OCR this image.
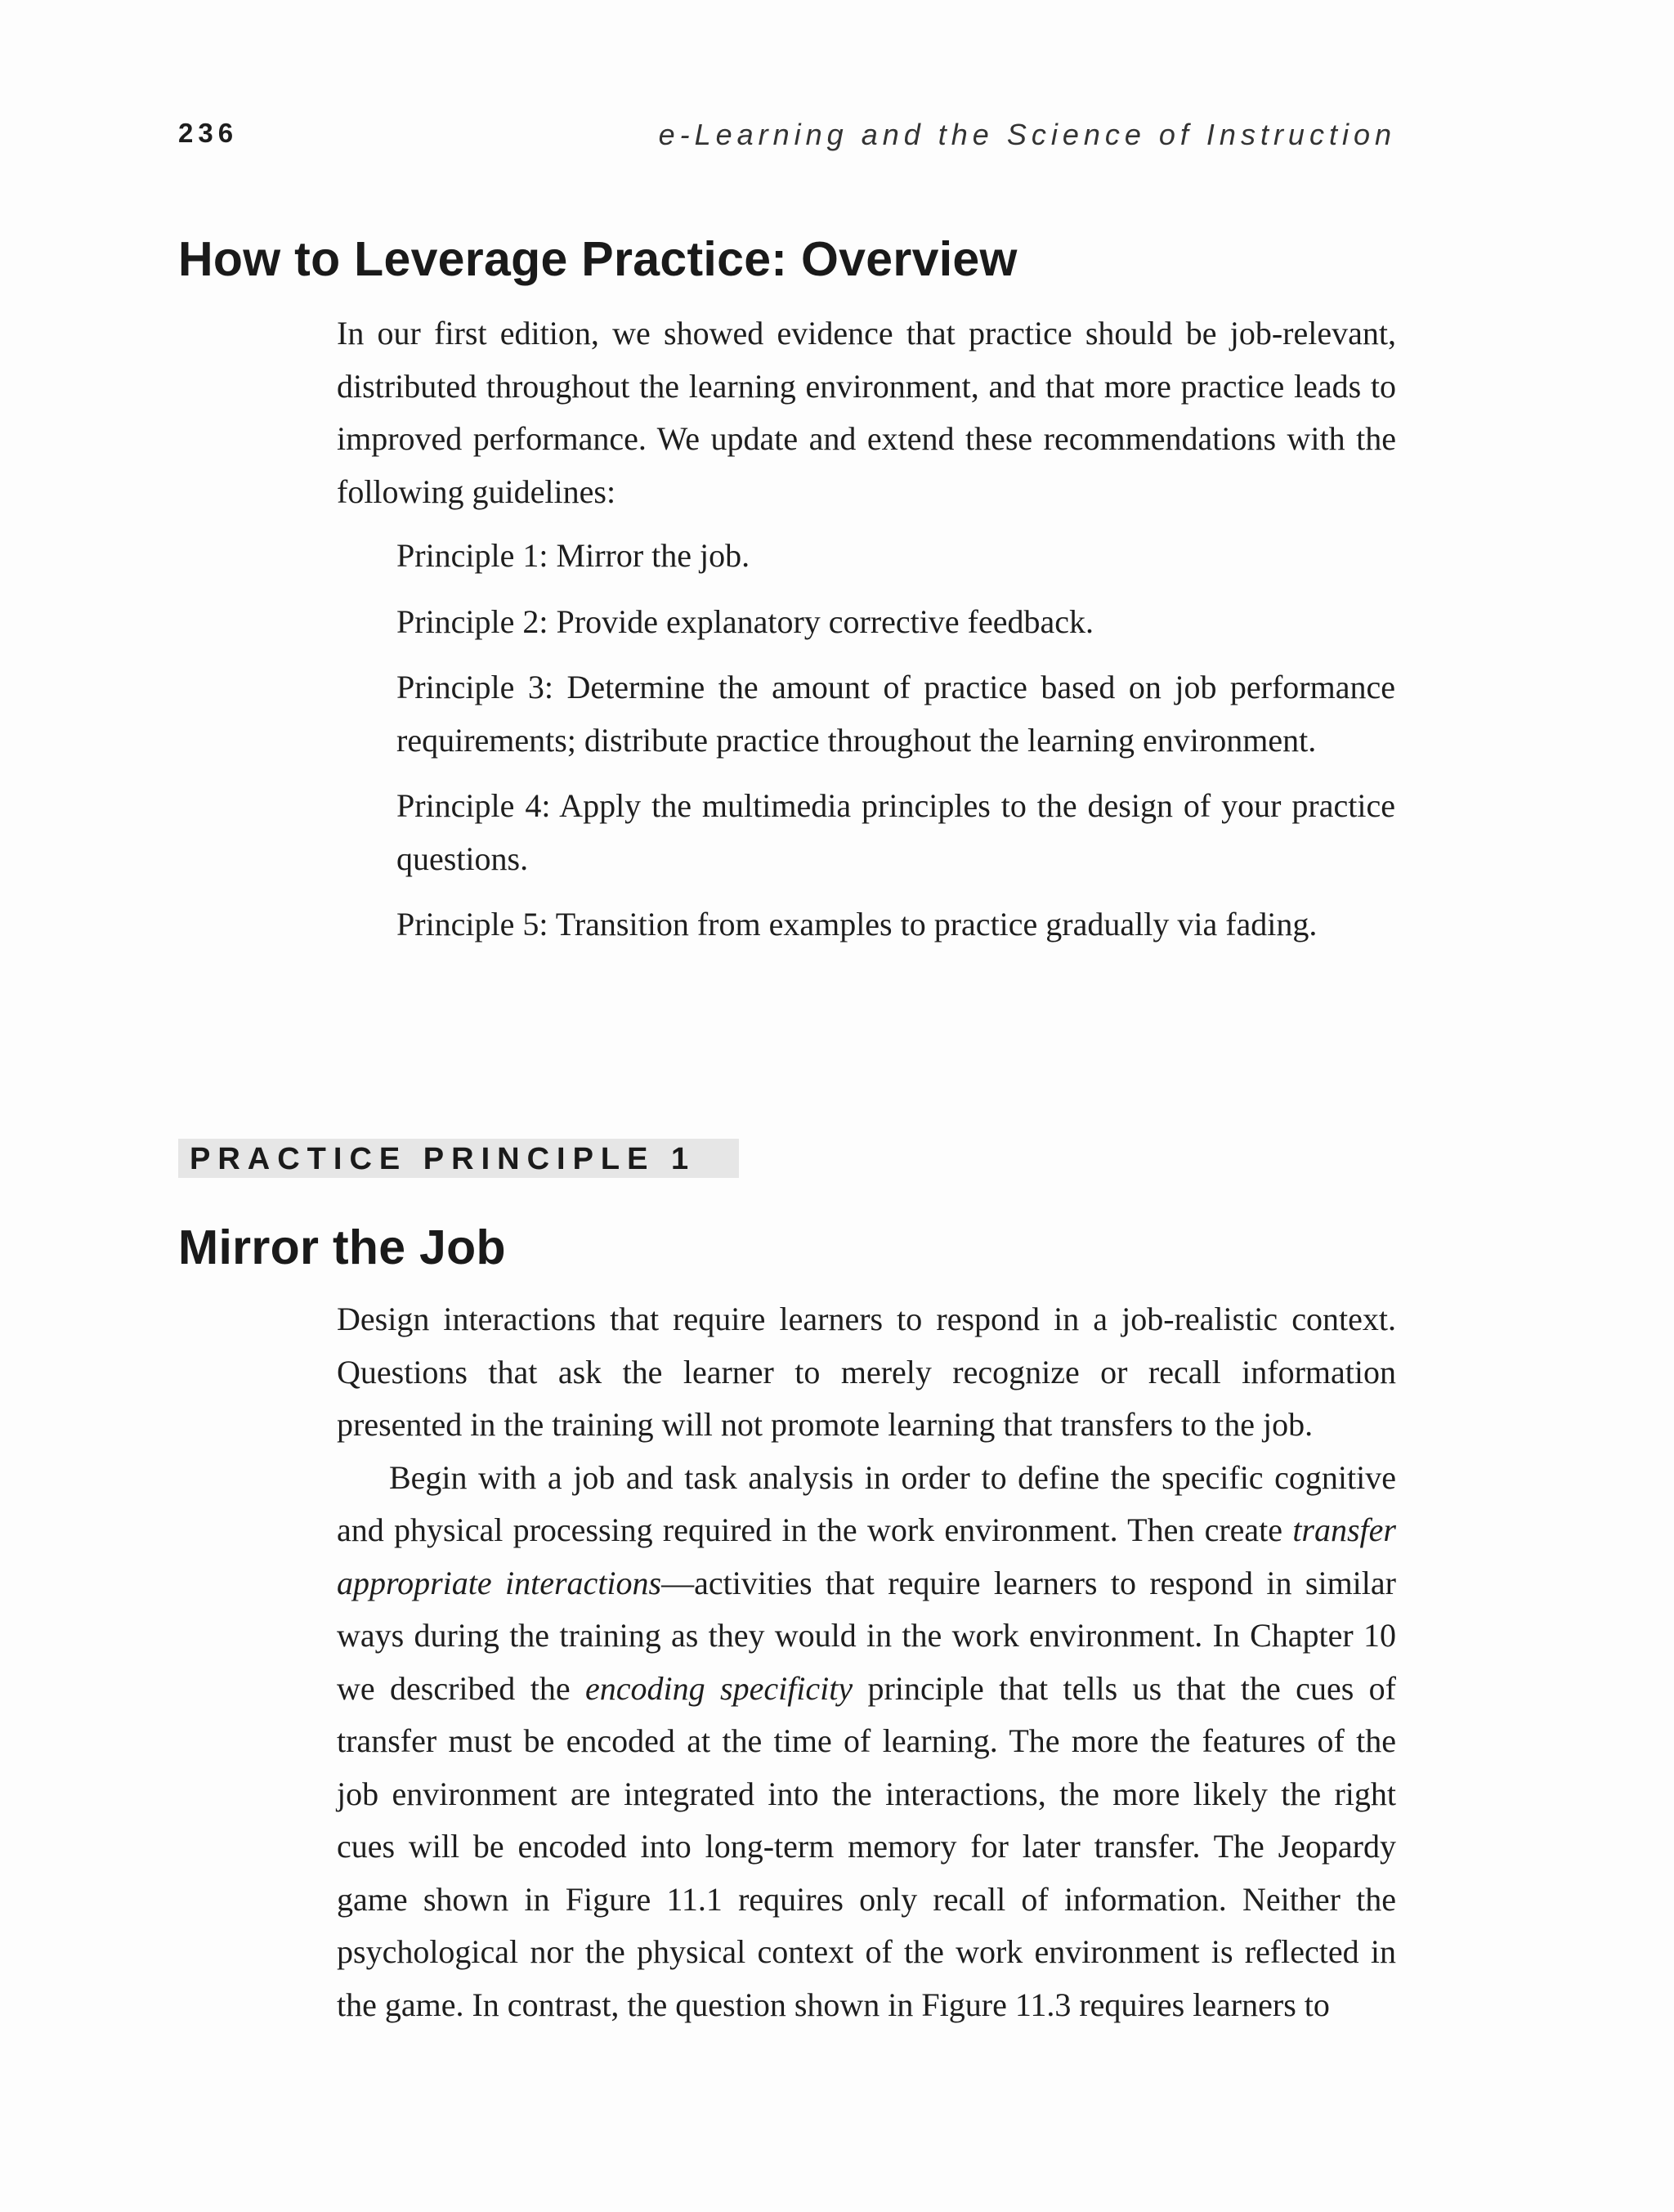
236	e-Learning and the Science of Instruction
How to Leverage Practice: Overview

In our first edition, we showed evidence that practice should be job-relevant, distributed throughout the learning environment, and that more practice leads to improved performance. We update and extend these recommendations with the following guidelines:

Principle 1: Mirror the job.
Principle 2: Provide explanatory corrective feedback.
Principle 3: Determine the amount of practice based on job performance requirements; distribute practice throughout the learning environment.
Principle 4: Apply the multimedia principles to the design of your practice questions.
Principle 5: Transition from examples to practice gradually via fading.
PRACTICE PRINCIPLE 1
Mirror the Job

Design interactions that require learners to respond in a job-realistic context. Questions that ask the learner to merely recognize or recall information presented in the training will not promote learning that transfers to the job.

Begin with a job and task analysis in order to define the specific cognitive and physical processing required in the work environment. Then create transfer appropriate interactions—activities that require learners to respond in similar ways during the training as they would in the work environment. In Chapter 10 we described the encoding specificity principle that tells us that the cues of transfer must be encoded at the time of learning. The more the features of the job environment are integrated into the interactions, the more likely the right cues will be encoded into long-term memory for later transfer. The Jeopardy game shown in Figure 11.1 requires only recall of information. Neither the psychological nor the physical context of the work environment is reflected in the game. In contrast, the question shown in Figure 11.3 requires learners to
